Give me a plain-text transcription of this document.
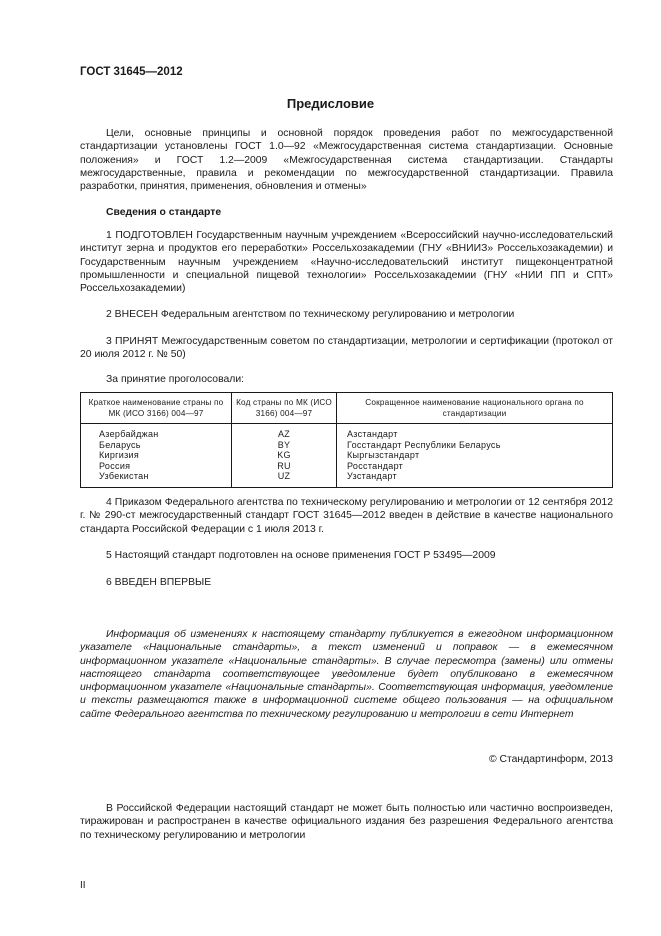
ГОСТ 31645—2012
Предисловие
Цели, основные принципы и основной порядок проведения работ по межгосударственной стандартизации установлены ГОСТ 1.0—92 «Межгосударственная система стандартизации. Основные положения» и ГОСТ 1.2—2009 «Межгосударственная система стандартизации. Стандарты межгосударственные, правила и рекомендации по межгосударственной стандартизации. Правила разработки, принятия, применения, обновления и отмены»
Сведения о стандарте
1 ПОДГОТОВЛЕН Государственным научным учреждением «Всероссийский научно-исследовательский институт зерна и продуктов его переработки» Россельхозакадемии (ГНУ «ВНИИЗ» Россельхозакадемии) и Государственным научным учреждением «Научно-исследовательский институт пищеконцентратной промышленности и специальной пищевой технологии» Россельхозакадемии (ГНУ «НИИ ПП и СПТ» Россельхозакадемии)
2 ВНЕСЕН Федеральным агентством по техническому регулированию и метрологии
3 ПРИНЯТ Межгосударственным советом по стандартизации, метрологии и сертификации (протокол от 20 июля 2012 г. № 50)
За принятие проголосовали:
Краткое наименование страны по МК (ИСО 3166) 004—97	Код страны по МК (ИСО 3166) 004—97	Сокращенное наименование национального органа по стандартизации
Азербайджан	AZ	Азстандарт
Беларусь	BY	Госстандарт Республики Беларусь
Киргизия	KG	Кыргызстандарт
Россия	RU	Росстандарт
Узбекистан	UZ	Узстандарт
4 Приказом Федерального агентства по техническому регулированию и метрологии от 12 сентября 2012 г. № 290-ст межгосударственный стандарт ГОСТ 31645—2012 введен в действие в качестве национального стандарта Российской Федерации с 1 июля 2013 г.
5 Настоящий стандарт подготовлен на основе применения ГОСТ Р 53495—2009
6 ВВЕДЕН ВПЕРВЫЕ
Информация об изменениях к настоящему стандарту публикуется в ежегодном информационном указателе «Национальные стандарты», а текст изменений и поправок — в ежемесячном информационном указателе «Национальные стандарты». В случае пересмотра (замены) или отмены настоящего стандарта соответствующее уведомление будет опубликовано в ежемесячном информационном указателе «Национальные стандарты». Соответствующая информация, уведомление и тексты размещаются также в информационной системе общего пользования — на официальном сайте Федерального агентства по техническому регулированию и метрологии в сети Интернет
© Стандартинформ, 2013
В Российской Федерации настоящий стандарт не может быть полностью или частично воспроизведен, тиражирован и распространен в качестве официального издания без разрешения Федерального агентства по техническому регулированию и метрологии
II
